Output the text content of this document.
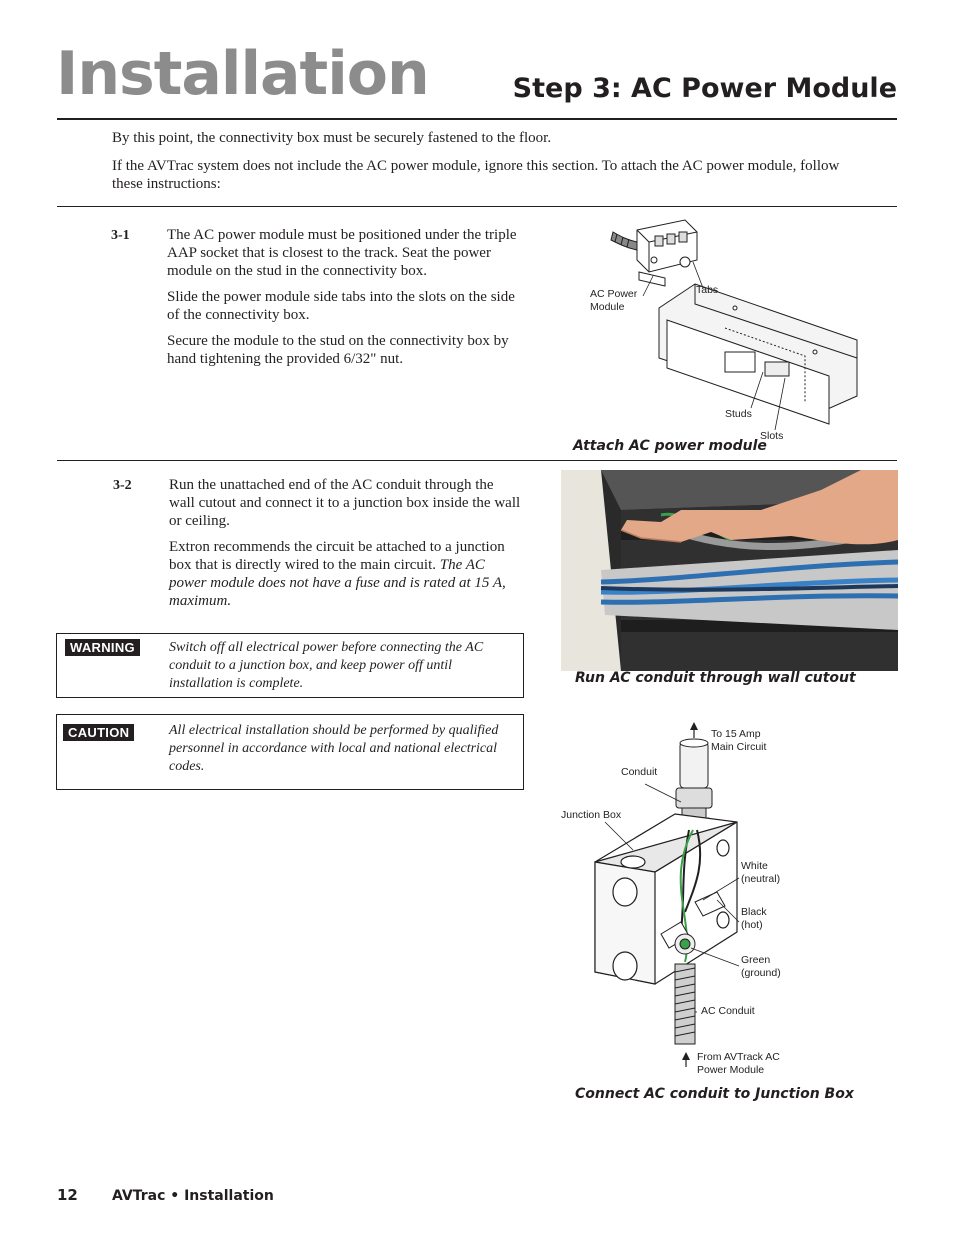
Installation	Step 3: AC Power Module

By this point, the connectivity box must be securely fastened to the floor.

If the AVTrac system does not include the AC power module, ignore this section. To attach the AC power module, follow these instructions:

3-1 The AC power module must be positioned under the triple AAP socket that is closest to the track. Seat the power module on the stud in the connectivity box.

Slide the power module side tabs into the slots on the side of the connectivity box.

Secure the module to the stud on the connectivity box by hand tightening the provided 6/32" nut.

AC Power
Module
Tabs
Studs
Slots
Attach AC power module
3-2 Run the unattached end of the AC conduit through the wall cutout and connect it to a junction box inside the wall or ceiling.

Extron recommends the circuit be attached to a junction box that is directly wired to the main circuit. The AC power module does not have a fuse and is rated at 15 A, maximum.

Run AC conduit through wall cutout
WARNING	Switch off all electrical power before connecting the AC conduit to a junction box, and keep power off until installation is complete.
CAUTION	All electrical installation should be performed by qualified personnel in accordance with local and national electrical codes.
To 15 Amp
Main Circuit
Conduit
Junction Box
White
(neutral)
Black
(hot)
Green
(ground)
AC Conduit
From AVTrack AC
Power Module
Connect AC conduit to Junction Box
12 AVTrac • Installation
